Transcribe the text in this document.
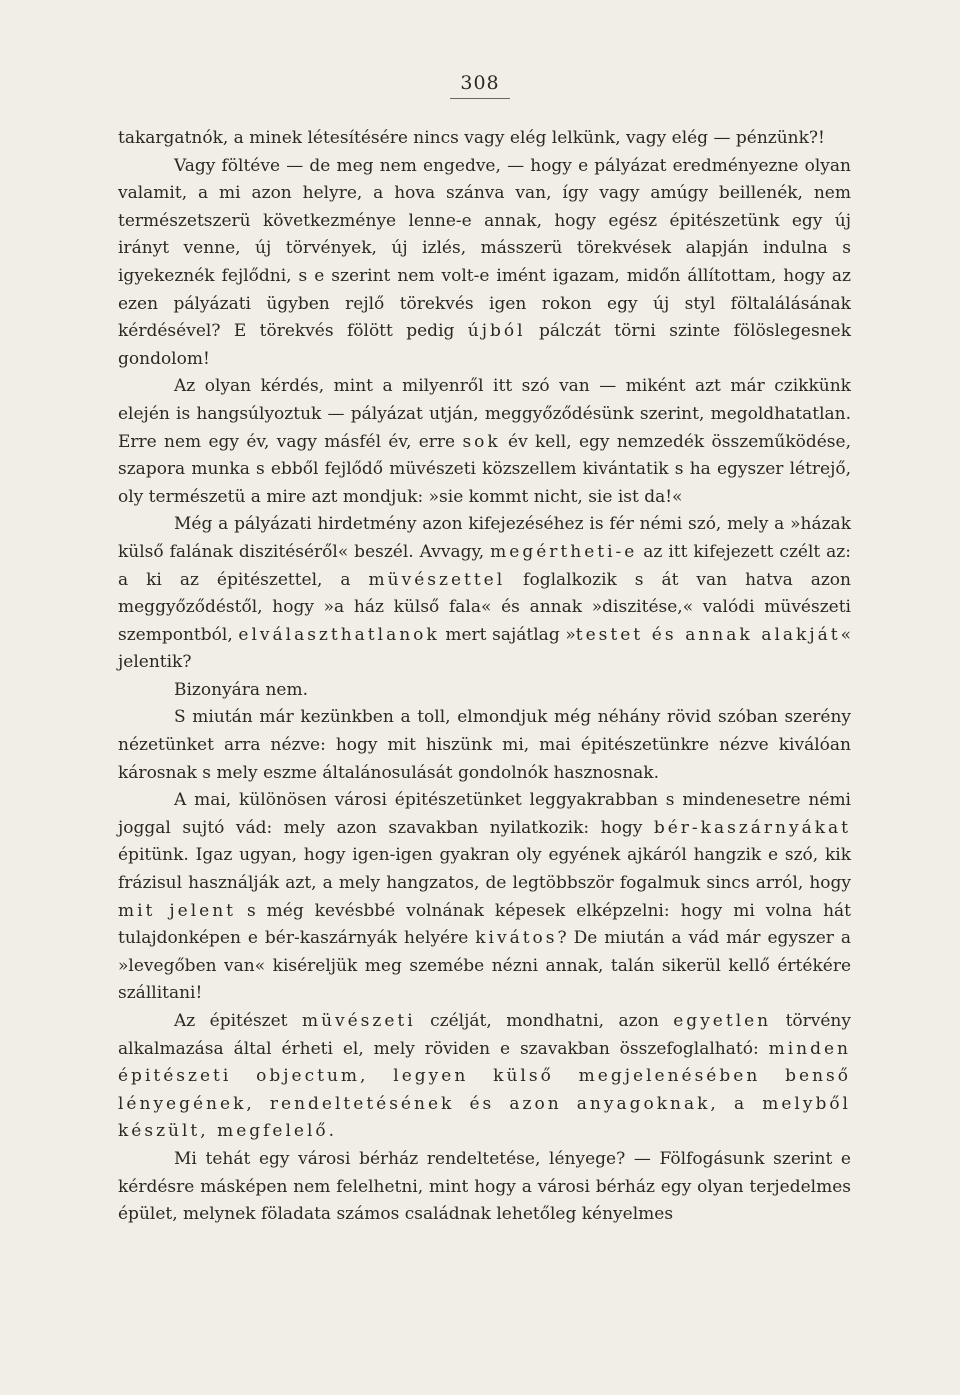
308

takargatnók, a minek létesítésére nincs vagy elég lelkünk, vagy elég — pénzünk?!

Vagy föltéve — de meg nem engedve, — hogy e pályázat eredményezne olyan valamit, a mi azon helyre, a hova szánva van, így vagy amúgy beillenék, nem természetszerü következménye lenne-e annak, hogy egész épitészetünk egy új irányt venne, új törvények, új izlés, másszerü törekvések alapján indulna s igyekeznék fejlődni, s e szerint nem volt-e imént igazam, midőn állítottam, hogy az ezen pályázati ügyben rejlő törekvés igen rokon egy új styl föltalálásának kérdésével? E törekvés fölött pedig újból pálczát törni szinte fölöslegesnek gondolom!

Az olyan kérdés, mint a milyenről itt szó van — miként azt már czikkünk elején is hangsúlyoztuk — pályázat utján, meggyőződésünk szerint, megoldhatatlan. Erre nem egy év, vagy másfél év, erre sok év kell, egy nemzedék összeműködése, szapora munka s ebből fejlődő müvészeti közszellem kivántatik s ha egyszer létrejő, oly természetü a mire azt mondjuk: »sie kommt nicht, sie ist da!«

Még a pályázati hirdetmény azon kifejezéséhez is fér némi szó, mely a »házak külső falának diszitéséről« beszél. Avvagy, megértheti-e az itt kifejezett czélt az: a ki az épitészettel, a müvészettel foglalkozik s át van hatva azon meggyőződéstől, hogy »a ház külső fala« és annak »diszitése,« valódi müvészeti szempontból, elválaszthatlanok mert sajátlag »testet és annak alakját« jelentik?

Bizonyára nem.

S miután már kezünkben a toll, elmondjuk még néhány rövid szóban szerény nézetünket arra nézve: hogy mit hiszünk mi, mai épitészetünkre nézve kiválóan károsnak s mely eszme általánosulását gondolnók hasznosnak.

A mai, különösen városi épitészetünket leggyakrabban s mindenesetre némi joggal sujtó vád: mely azon szavakban nyilatkozik: hogy bér-kaszárnyákat épitünk. Igaz ugyan, hogy igen-igen gyakran oly egyének ajkáról hangzik e szó, kik frázisul használják azt, a mely hangzatos, de legtöbbször fogalmuk sincs arról, hogy mit jelent s még kevésbbé volnának képesek elképzelni: hogy mi volna hát tulajdonképen e bér-kaszárnyák helyére kivátos? De miután a vád már egyszer a »levegőben van« kiséreljük meg szemébe nézni annak, talán sikerül kellő értékére szállitani!

Az épitészet müvészeti czélját, mondhatni, azon egyetlen törvény alkalmazása által érheti el, mely röviden e szavakban összefoglalható: minden épitészeti objectum, legyen külső megjelenésében benső lényegének, rendeltetésének és azon anyagoknak, a melyből készült, megfelelő.

Mi tehát egy városi bérház rendeltetése, lényege? — Fölfogásunk szerint e kérdésre másképen nem felelhetni, mint hogy a városi bérház egy olyan terjedelmes épület, melynek föladata számos családnak lehetőleg kényelmes
